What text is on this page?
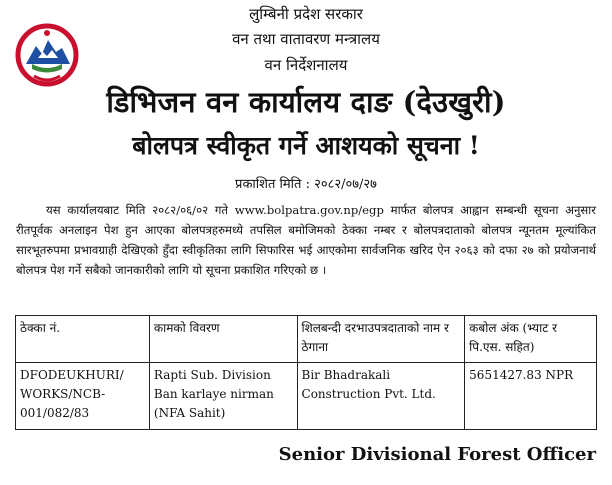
लुम्बिनी प्रदेश सरकार
वन तथा वातावरण मन्त्रालय
वन निर्देशनालय
डिभिजन वन कार्यालय दाङ (देउखुरी)
बोलपत्र स्वीकृत गर्ने आशयको सूचना !
प्रकाशित मिति : २०८२/०७/२७
यस कार्यालयबाट मिति २०८२/०६/०२ गते www.bolpatra.gov.np/egp मार्फत बोलपत्र आह्वान सम्बन्धी सूचना अनुसार रीतपूर्वक अनलाइन पेश हुन आएका बोलपत्रहरुमध्ये तपसिल बमोजिमको ठेक्का नम्बर र बोलपत्रदाताको बोलपत्र न्यूनतम मूल्यांकित सारभूतरुपमा प्रभावग्राही देखिएको हुँदा स्वीकृतिका लागि सिफारिस भई आएकोमा सार्वजनिक खरिद ऐन २०६३ को दफा २७ को प्रयोजनार्थ बोलपत्र पेश गर्ने सबैको जानकारीको लागि यो सूचना प्रकाशित गरिएको छ ।
ठेक्का नं.	कामको विवरण	शिलबन्दी दरभाउपत्रदाताको नाम र ठेगाना	कबोल अंक (भ्याट र पि.एस. सहित)
DFODEUKHURI/ WORKS/NCB- 001/082/83	Rapti Sub. Division Ban karlaye nirman (NFA Sahit)	Bir Bhadrakali Construction Pvt. Ltd.	5651427.83 NPR
Senior Divisional Forest Officer
